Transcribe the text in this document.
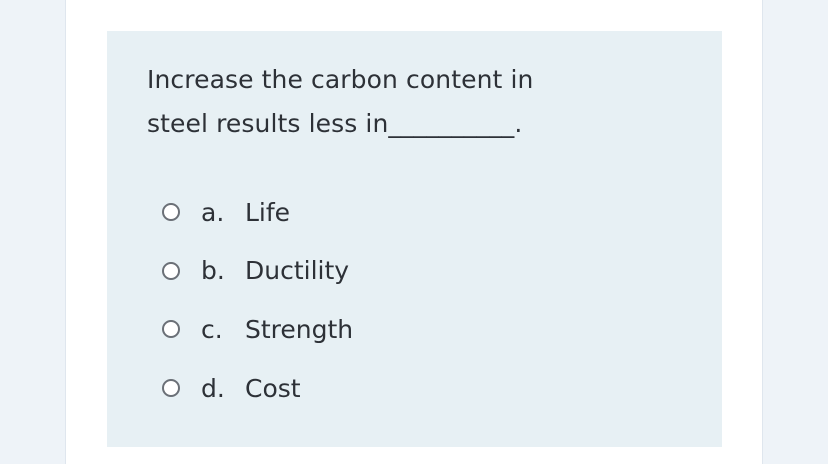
Increase the carbon content in
steel results less in__________.

a. Life
b. Ductility
c. Strength
d. Cost
